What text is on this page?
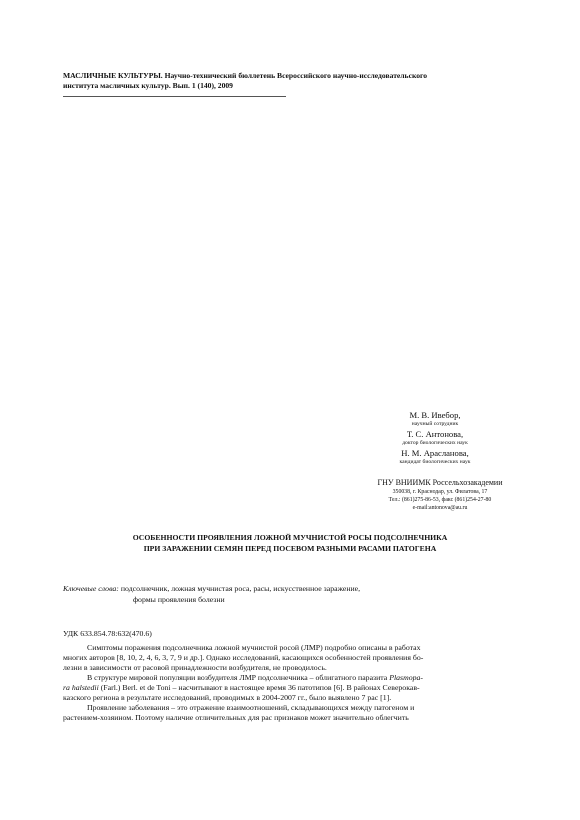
МАСЛИЧНЫЕ КУЛЬТУРЫ. Научно-технический бюллетень Всероссийского научно-исследовательского
института масличных культур. Вып. 1 (140), 2009
М. В. Ивебор,
научный сотрудник
Т. С. Антонова,
доктор биологических наук
Н. М. Арасланова,
кандидат биологических наук
ГНУ ВНИИМК Россельхозакадемии
350038, г. Краснодар, ул. Филатова, 17
Тел.: (861)275-86-53, факс (861)254-27-80
e-mail:antonova@au.ru
ОСОБЕННОСТИ ПРОЯВЛЕНИЯ ЛОЖНОЙ МУЧНИСТОЙ РОСЫ ПОДСОЛНЕЧНИКА
ПРИ ЗАРАЖЕНИИ СЕМЯН ПЕРЕД ПОСЕВОМ РАЗНЫМИ РАСАМИ ПАТОГЕНА
Ключевые слова: подсолнечник, ложная мучнистая роса, расы, искусственное заражение,
формы проявления болезни
УДК 633.854.78:632(470.6)
Симптомы поражения подсолнечника ложной мучнистой росой (ЛМР) подробно описаны в работах
многих авторов [8, 10, 2, 4, 6, 3, 7, 9 и др.]. Однако исследований, касающихся особенностей проявления бо-
лезни в зависимости от расовой принадлежности возбудителя, не проводилось.
В структуре мировой популяции возбудителя ЛМР подсолнечника – облигатного паразита Plasmopa-
ra halstedii (Farl.) Berl. et de Toni – насчитывают в настоящее время 36 патотипов [6]. В районах Северокав-
казского региона в результате исследований, проводимых в 2004-2007 гг., было выявлено 7 рас [1].
Проявление заболевания – это отражение взаимоотношений, складывающихся между патогеном и
растением-хозяином. Поэтому наличие отличительных для рас признаков может значительно облегчить
